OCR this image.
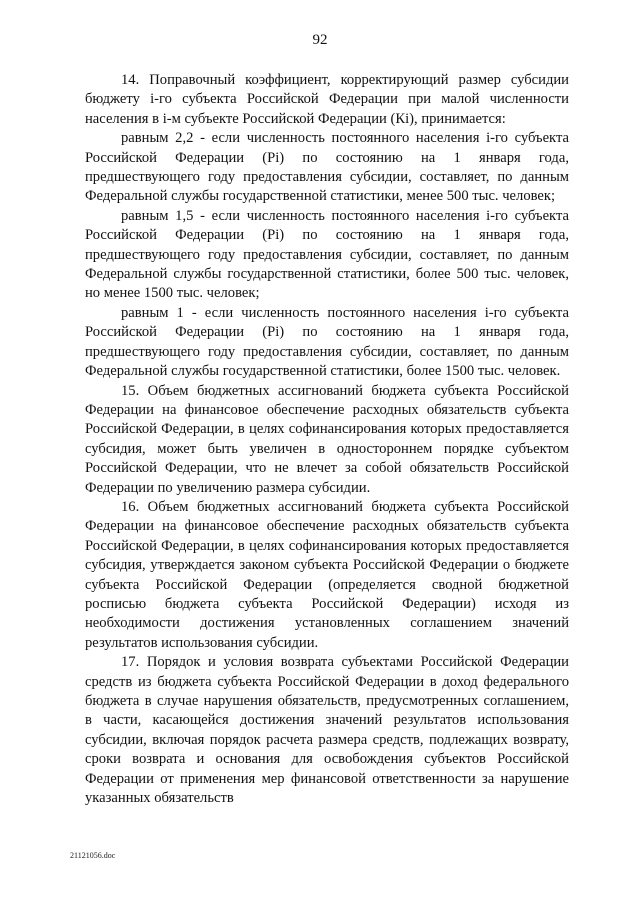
92

14. Поправочный коэффициент, корректирующий размер субсидии бюджету i-го субъекта Российской Федерации при малой численности населения в i-м субъекте Российской Федерации (Кi), принимается:

равным 2,2 - если численность постоянного населения i-го субъекта Российской Федерации (Pi) по состоянию на 1 января года, предшествующего году предоставления субсидии, составляет, по данным Федеральной службы государственной статистики, менее 500 тыс. человек;

равным 1,5 - если численность постоянного населения i-го субъекта Российской Федерации (Pi) по состоянию на 1 января года, предшествующего году предоставления субсидии, составляет, по данным Федеральной службы государственной статистики, более 500 тыс. человек, но менее 1500 тыс. человек;

равным 1 - если численность постоянного населения i-го субъекта Российской Федерации (Pi) по состоянию на 1 января года, предшествующего году предоставления субсидии, составляет, по данным Федеральной службы государственной статистики, более 1500 тыс. человек.

15. Объем бюджетных ассигнований бюджета субъекта Российской Федерации на финансовое обеспечение расходных обязательств субъекта Российской Федерации, в целях софинансирования которых предоставляется субсидия, может быть увеличен в одностороннем порядке субъектом Российской Федерации, что не влечет за собой обязательств Российской Федерации по увеличению размера субсидии.

16. Объем бюджетных ассигнований бюджета субъекта Российской Федерации на финансовое обеспечение расходных обязательств субъекта Российской Федерации, в целях софинансирования которых предоставляется субсидия, утверждается законом субъекта Российской Федерации о бюджете субъекта Российской Федерации (определяется сводной бюджетной росписью бюджета субъекта Российской Федерации) исходя из необходимости достижения установленных соглашением значений результатов использования субсидии.

17. Порядок и условия возврата субъектами Российской Федерации средств из бюджета субъекта Российской Федерации в доход федерального бюджета в случае нарушения обязательств, предусмотренных соглашением, в части, касающейся достижения значений результатов использования субсидии, включая порядок расчета размера средств, подлежащих возврату, сроки возврата и основания для освобождения субъектов Российской Федерации от применения мер финансовой ответственности за нарушение указанных обязательств

21121056.doc
